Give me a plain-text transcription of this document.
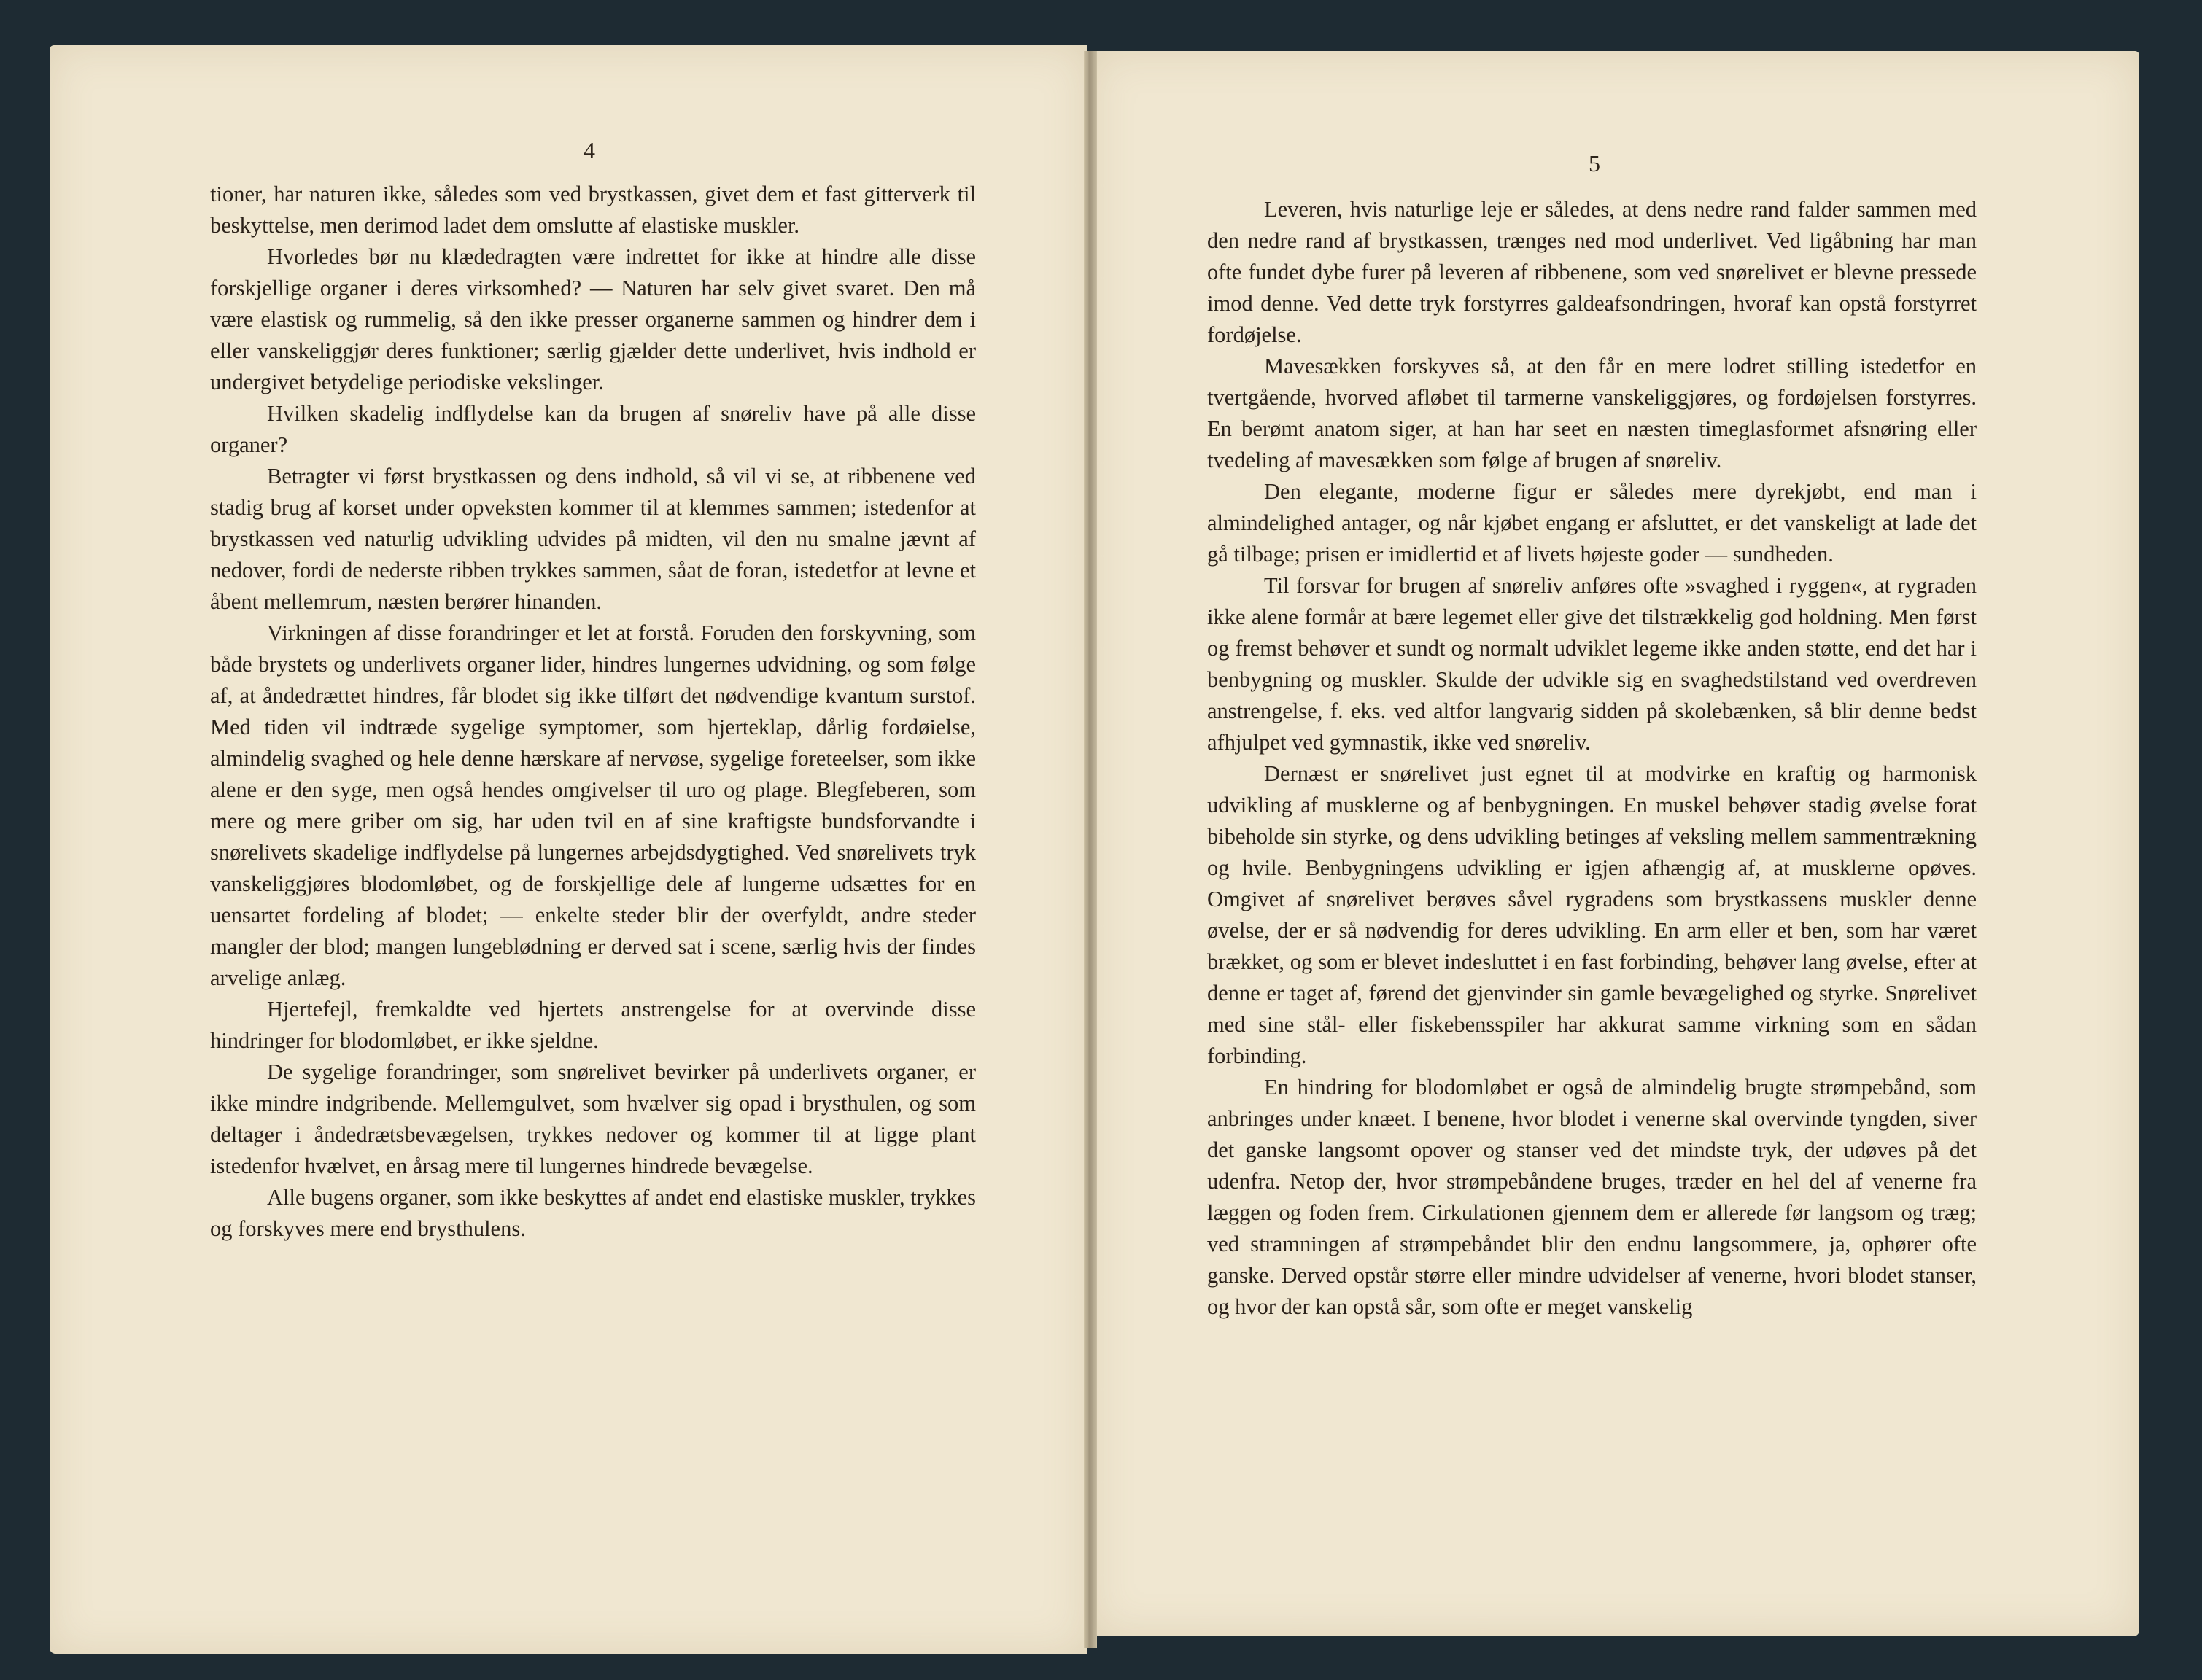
4	5

tioner, har naturen ikke, således som ved brystkassen, givet dem et fast gitterverk til beskyttelse, men derimod ladet dem omslutte af elastiske muskler.

Hvorledes bør nu klædedragten være indrettet for ikke at hindre alle disse forskjellige organer i deres virksomhed? — Naturen har selv givet svaret. Den må være elastisk og rummelig, så den ikke presser organerne sammen og hindrer dem i eller vanskeliggjør deres funktioner; særlig gjælder dette underlivet, hvis indhold er undergivet betydelige periodiske vekslinger.

Hvilken skadelig indflydelse kan da brugen af snøreliv have på alle disse organer?

Betragter vi først brystkassen og dens indhold, så vil vi se, at ribbenene ved stadig brug af korset under opveksten kommer til at klemmes sammen; istedenfor at brystkassen ved naturlig udvikling udvides på midten, vil den nu smalne jævnt af nedover, fordi de nederste ribben trykkes sammen, såat de foran, istedetfor at levne et åbent mellemrum, næsten berører hinanden.

Virkningen af disse forandringer et let at forstå. Foruden den forskyvning, som både brystets og underlivets organer lider, hindres lungernes udvidning, og som følge af, at åndedrættet hindres, får blodet sig ikke tilført det nødvendige kvantum surstof. Med tiden vil indtræde sygelige symptomer, som hjerteklap, dårlig fordøielse, almindelig svaghed og hele denne hærskare af nervøse, sygelige foreteelser, som ikke alene er den syge, men også hendes omgivelser til uro og plage. Blegfeberen, som mere og mere griber om sig, har uden tvil en af sine kraftigste bundsforvandte i snørelivets skadelige indflydelse på lungernes arbejdsdygtighed. Ved snørelivets tryk vanskeliggjøres blodomløbet, og de forskjellige dele af lungerne udsættes for en uensartet fordeling af blodet; — enkelte steder blir der overfyldt, andre steder mangler der blod; mangen lungeblødning er derved sat i scene, særlig hvis der findes arvelige anlæg.

Hjertefejl, fremkaldte ved hjertets anstrengelse for at overvinde disse hindringer for blodomløbet, er ikke sjeldne.

De sygelige forandringer, som snørelivet bevirker på underlivets organer, er ikke mindre indgribende. Mellemgulvet, som hvælver sig opad i brysthulen, og som deltager i åndedrætsbevægelsen, trykkes nedover og kommer til at ligge plant istedenfor hvælvet, en årsag mere til lungernes hindrede bevægelse.

Alle bugens organer, som ikke beskyttes af andet end elastiske muskler, trykkes og forskyves mere end brysthulens.

Leveren, hvis naturlige leje er således, at dens nedre rand falder sammen med den nedre rand af brystkassen, trænges ned mod underlivet. Ved ligåbning har man ofte fundet dybe furer på leveren af ribbenene, som ved snørelivet er blevne pressede imod denne. Ved dette tryk forstyrres galdeafsondringen, hvoraf kan opstå forstyrret fordøjelse.

Mavesækken forskyves så, at den får en mere lodret stilling istedetfor en tvertgående, hvorved afløbet til tarmerne vanskeliggjøres, og fordøjelsen forstyrres. En berømt anatom siger, at han har seet en næsten timeglasformet afsnøring eller tvedeling af mavesækken som følge af brugen af snøreliv.

Den elegante, moderne figur er således mere dyrekjøbt, end man i almindelighed antager, og når kjøbet engang er afsluttet, er det vanskeligt at lade det gå tilbage; prisen er imidlertid et af livets højeste goder — sundheden.

Til forsvar for brugen af snøreliv anføres ofte »svaghed i ryggen«, at rygraden ikke alene formår at bære legemet eller give det tilstrækkelig god holdning. Men først og fremst behøver et sundt og normalt udviklet legeme ikke anden støtte, end det har i benbygning og muskler. Skulde der udvikle sig en svaghedstilstand ved overdreven anstrengelse, f. eks. ved altfor langvarig sidden på skolebænken, så blir denne bedst afhjulpet ved gymnastik, ikke ved snøreliv.

Dernæst er snørelivet just egnet til at modvirke en kraftig og harmonisk udvikling af musklerne og af benbygningen. En muskel behøver stadig øvelse forat bibeholde sin styrke, og dens udvikling betinges af veksling mellem sammentrækning og hvile. Benbygningens udvikling er igjen afhængig af, at musklerne opøves. Omgivet af snørelivet berøves såvel rygradens som brystkassens muskler denne øvelse, der er så nødvendig for deres udvikling. En arm eller et ben, som har været brækket, og som er blevet indesluttet i en fast forbinding, behøver lang øvelse, efter at denne er taget af, førend det gjenvinder sin gamle bevægelighed og styrke. Snørelivet med sine stål- eller fiskebensspiler har akkurat samme virkning som en sådan forbinding.

En hindring for blodomløbet er også de almindelig brugte strømpebånd, som anbringes under knæet. I benene, hvor blodet i venerne skal overvinde tyngden, siver det ganske langsomt opover og stanser ved det mindste tryk, der udøves på det udenfra. Netop der, hvor strømpebåndene bruges, træder en hel del af venerne fra læggen og foden frem. Cirkulationen gjennem dem er allerede før langsom og træg; ved stramningen af strømpebåndet blir den endnu langsommere, ja, ophører ofte ganske. Derved opstår større eller mindre udvidelser af venerne, hvori blodet stanser, og hvor der kan opstå sår, som ofte er meget vanskelig
